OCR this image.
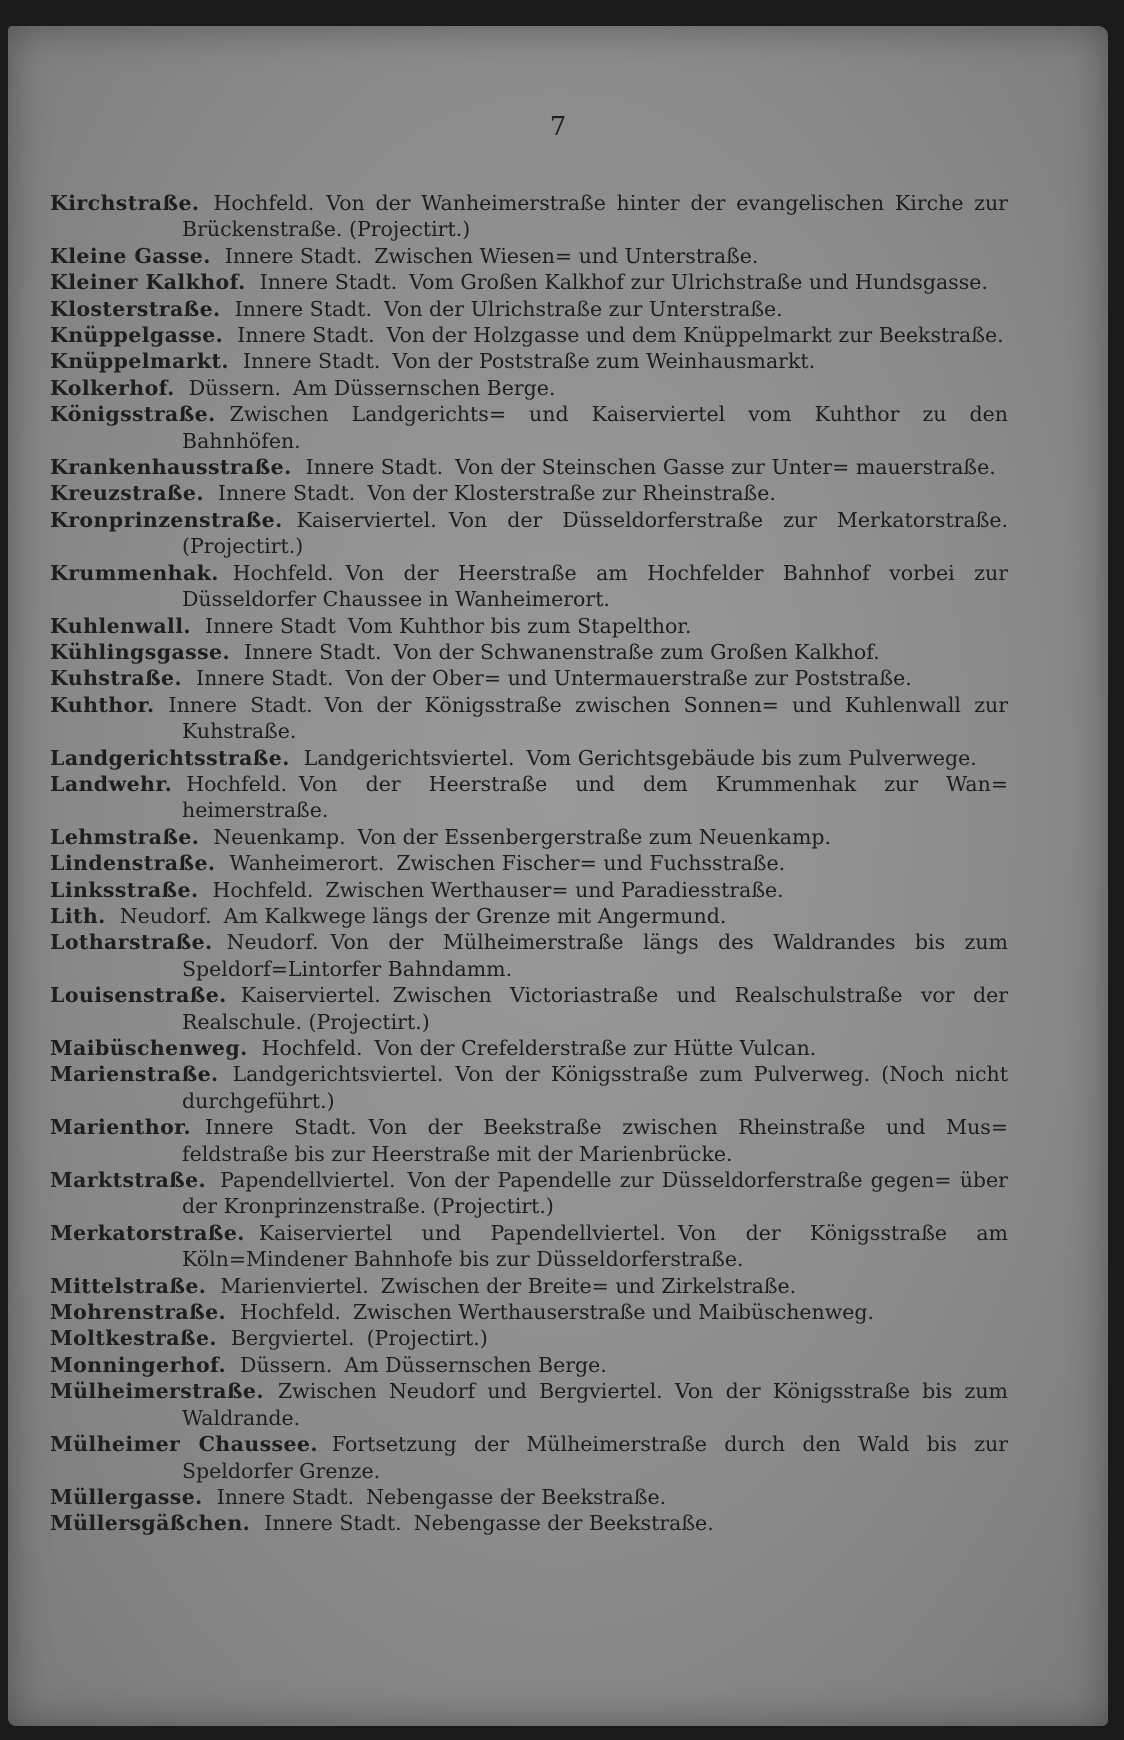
7
Kirchstraße. Hochfeld. Von der Wanheimerstraße hinter der evangelischen Kirche zur Brückenstraße. (Projectirt.)
Kleine Gasse. Innere Stadt. Zwischen Wiesen= und Unterstraße.
Kleiner Kalkhof. Innere Stadt. Vom Großen Kalkhof zur Ulrichstraße und Hundsgasse.
Klosterstraße. Innere Stadt. Von der Ulrichstraße zur Unterstraße.
Knüppelgasse. Innere Stadt. Von der Holzgasse und dem Knüppelmarkt zur Beekstraße.
Knüppelmarkt. Innere Stadt. Von der Poststraße zum Weinhausmarkt.
Kolkerhof. Düssern. Am Düssernschen Berge.
Königsstraße. Zwischen Landgerichts= und Kaiserviertel vom Kuhthor zu den Bahnhöfen.
Krankenhausstraße. Innere Stadt. Von der Steinschen Gasse zur Unter= mauerstraße.
Kreuzstraße. Innere Stadt. Von der Klosterstraße zur Rheinstraße.
Kronprinzenstraße. Kaiserviertel. Von der Düsseldorferstraße zur Merkatorstraße. (Projectirt.)
Krummenhak. Hochfeld. Von der Heerstraße am Hochfelder Bahnhof vorbei zur Düsseldorfer Chaussee in Wanheimerort.
Kuhlenwall. Innere Stadt Vom Kuhthor bis zum Stapelthor.
Kühlingsgasse. Innere Stadt. Von der Schwanenstraße zum Großen Kalkhof.
Kuhstraße. Innere Stadt. Von der Ober= und Untermauerstraße zur Poststraße.
Kuhthor. Innere Stadt. Von der Königsstraße zwischen Sonnen= und Kuhlenwall zur Kuhstraße.
Landgerichtsstraße. Landgerichtsviertel. Vom Gerichtsgebäude bis zum Pulverwege.
Landwehr. Hochfeld. Von der Heerstraße und dem Krummenhak zur Wan= heimerstraße.
Lehmstraße. Neuenkamp. Von der Essenbergerstraße zum Neuenkamp.
Lindenstraße. Wanheimerort. Zwischen Fischer= und Fuchsstraße.
Linksstraße. Hochfeld. Zwischen Werthauser= und Paradiesstraße.
Lith. Neudorf. Am Kalkwege längs der Grenze mit Angermund.
Lotharstraße. Neudorf. Von der Mülheimerstraße längs des Waldrandes bis zum Speldorf=Lintorfer Bahndamm.
Louisenstraße. Kaiserviertel. Zwischen Victoriastraße und Realschulstraße vor der Realschule. (Projectirt.)
Maibüschenweg. Hochfeld. Von der Crefelderstraße zur Hütte Vulcan.
Marienstraße. Landgerichtsviertel. Von der Königsstraße zum Pulverweg. (Noch nicht durchgeführt.)
Marienthor. Innere Stadt. Von der Beekstraße zwischen Rheinstraße und Mus= feldstraße bis zur Heerstraße mit der Marienbrücke.
Marktstraße. Papendellviertel. Von der Papendelle zur Düsseldorferstraße gegen= über der Kronprinzenstraße. (Projectirt.)
Merkatorstraße. Kaiserviertel und Papendellviertel. Von der Königsstraße am Köln=Mindener Bahnhofe bis zur Düsseldorferstraße.
Mittelstraße. Marienviertel. Zwischen der Breite= und Zirkelstraße.
Mohrenstraße. Hochfeld. Zwischen Werthauserstraße und Maibüschenweg.
Moltkestraße. Bergviertel. (Projectirt.)
Monningerhof. Düssern. Am Düssernschen Berge.
Mülheimerstraße. Zwischen Neudorf und Bergviertel. Von der Königsstraße bis zum Waldrande.
Mülheimer Chaussee. Fortsetzung der Mülheimerstraße durch den Wald bis zur Speldorfer Grenze.
Müllergasse. Innere Stadt. Nebengasse der Beekstraße.
Müllersgäßchen. Innere Stadt. Nebengasse der Beekstraße.
